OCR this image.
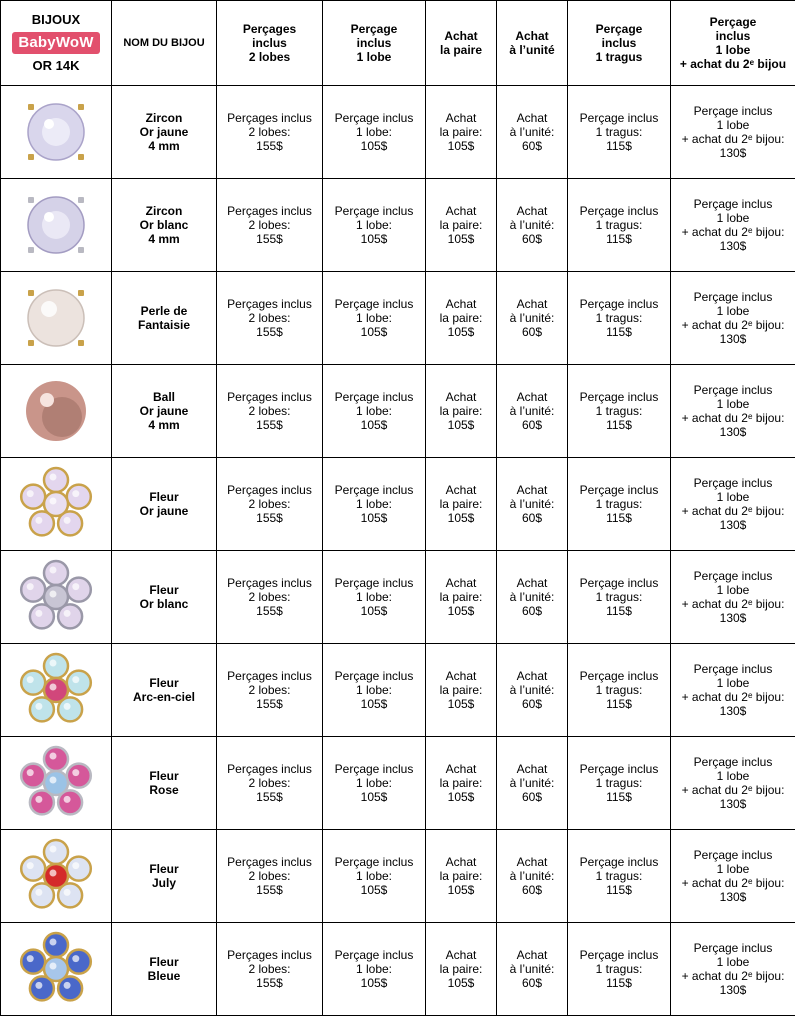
BIJOUX
BabyWoW
OR 14K	NOM DU BIJOU	Perçages
inclus
2 lobes	Perçage
inclus
1 lobe	Achat
la paire	Achat
à l’unité	Perçage
inclus
1 tragus	Perçage
inclus
1 lobe
+ achat du 2ᵉ bijou

	Zircon
Or jaune
4 mm	Perçages inclus
2 lobes:
155$	Perçage inclus
1 lobe:
105$	Achat
la paire:
105$	Achat
à l’unité:
60$	Perçage inclus
1 tragus:
115$	Perçage inclus
1 lobe
+ achat du 2ᵉ bijou:
130$

	Zircon
Or blanc
4 mm	Perçages inclus
2 lobes:
155$	Perçage inclus
1 lobe:
105$	Achat
la paire:
105$	Achat
à l’unité:
60$	Perçage inclus
1 tragus:
115$	Perçage inclus
1 lobe
+ achat du 2ᵉ bijou:
130$

	Perle de
Fantaisie	Perçages inclus
2 lobes:
155$	Perçage inclus
1 lobe:
105$	Achat
la paire:
105$	Achat
à l’unité:
60$	Perçage inclus
1 tragus:
115$	Perçage inclus
1 lobe
+ achat du 2ᵉ bijou:
130$

	Ball
Or jaune
4 mm	Perçages inclus
2 lobes:
155$	Perçage inclus
1 lobe:
105$	Achat
la paire:
105$	Achat
à l’unité:
60$	Perçage inclus
1 tragus:
115$	Perçage inclus
1 lobe
+ achat du 2ᵉ bijou:
130$

	Fleur
Or jaune	Perçages inclus
2 lobes:
155$	Perçage inclus
1 lobe:
105$	Achat
la paire:
105$	Achat
à l’unité:
60$	Perçage inclus
1 tragus:
115$	Perçage inclus
1 lobe
+ achat du 2ᵉ bijou:
130$

	Fleur
Or blanc	Perçages inclus
2 lobes:
155$	Perçage inclus
1 lobe:
105$	Achat
la paire:
105$	Achat
à l’unité:
60$	Perçage inclus
1 tragus:
115$	Perçage inclus
1 lobe
+ achat du 2ᵉ bijou:
130$

	Fleur
Arc-en-ciel	Perçages inclus
2 lobes:
155$	Perçage inclus
1 lobe:
105$	Achat
la paire:
105$	Achat
à l’unité:
60$	Perçage inclus
1 tragus:
115$	Perçage inclus
1 lobe
+ achat du 2ᵉ bijou:
130$

	Fleur
Rose	Perçages inclus
2 lobes:
155$	Perçage inclus
1 lobe:
105$	Achat
la paire:
105$	Achat
à l’unité:
60$	Perçage inclus
1 tragus:
115$	Perçage inclus
1 lobe
+ achat du 2ᵉ bijou:
130$

	Fleur
July	Perçages inclus
2 lobes:
155$	Perçage inclus
1 lobe:
105$	Achat
la paire:
105$	Achat
à l’unité:
60$	Perçage inclus
1 tragus:
115$	Perçage inclus
1 lobe
+ achat du 2ᵉ bijou:
130$

	Fleur
Bleue	Perçages inclus
2 lobes:
155$	Perçage inclus
1 lobe:
105$	Achat
la paire:
105$	Achat
à l’unité:
60$	Perçage inclus
1 tragus:
115$	Perçage inclus
1 lobe
+ achat du 2ᵉ bijou:
130$
